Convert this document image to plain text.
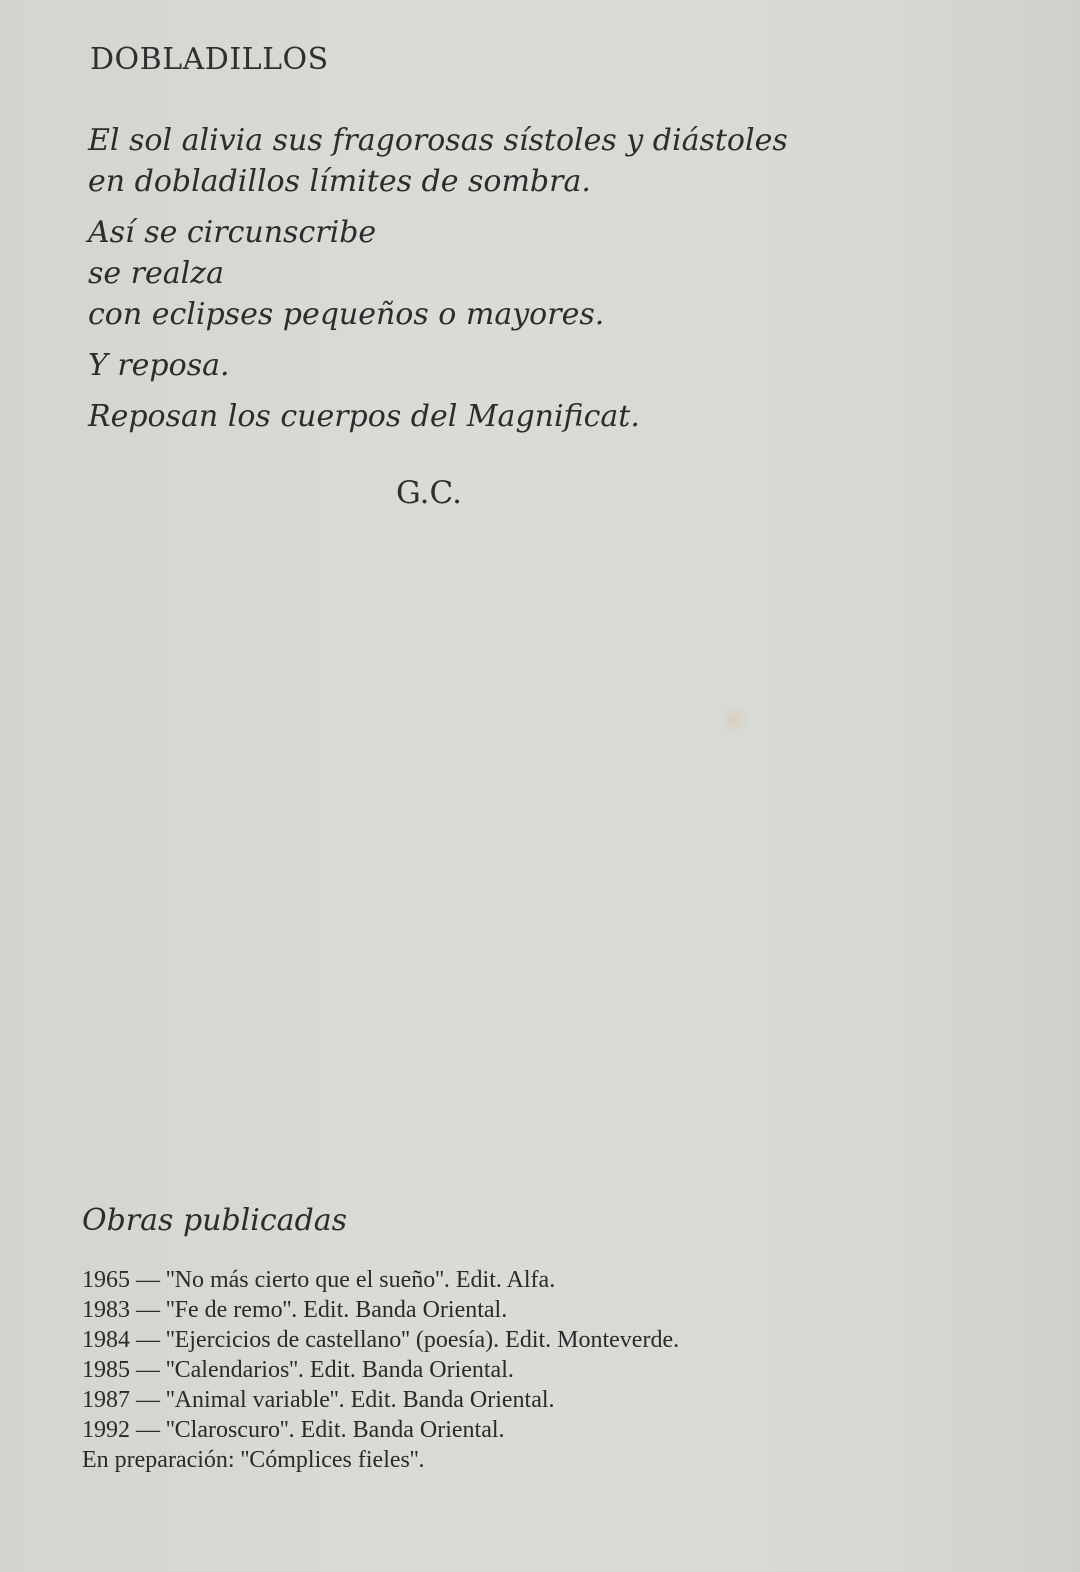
DOBLADILLOS

El sol alivia sus fragorosas sístoles y diástoles
en dobladillos límites de sombra.

Así se circunscribe
se realza
con eclipses pequeños o mayores.

Y reposa.

Reposan los cuerpos del Magnificat.

G.C.
Obras publicadas
1965 — ''No más cierto que el sueño''. Edit. Alfa.
1983 — ''Fe de remo''. Edit. Banda Oriental.
1984 — ''Ejercicios de castellano'' (poesía). Edit. Monteverde.
1985 — ''Calendarios''. Edit. Banda Oriental.
1987 — ''Animal variable''. Edit. Banda Oriental.
1992 — ''Claroscuro''. Edit. Banda Oriental.
En preparación: ''Cómplices fieles''.
